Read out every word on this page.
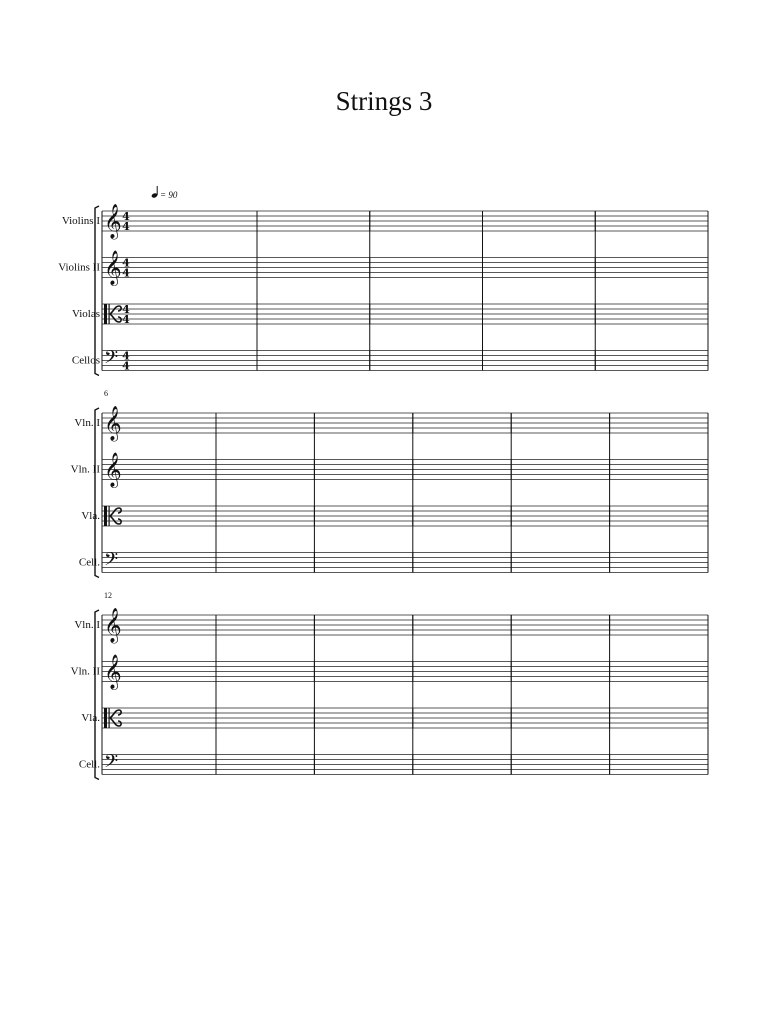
Strings 3
= 90
Violins I 𝄞 4
4
Violins II 𝄞 4
4
Violas 4
4
Cellos 𝄢 4
4
6
Vln. I 𝄞
Vln. II 𝄞
Vla.
Cell. 𝄢
12
Vln. I 𝄞
Vln. II 𝄞
Vla.
Cell. 𝄢
